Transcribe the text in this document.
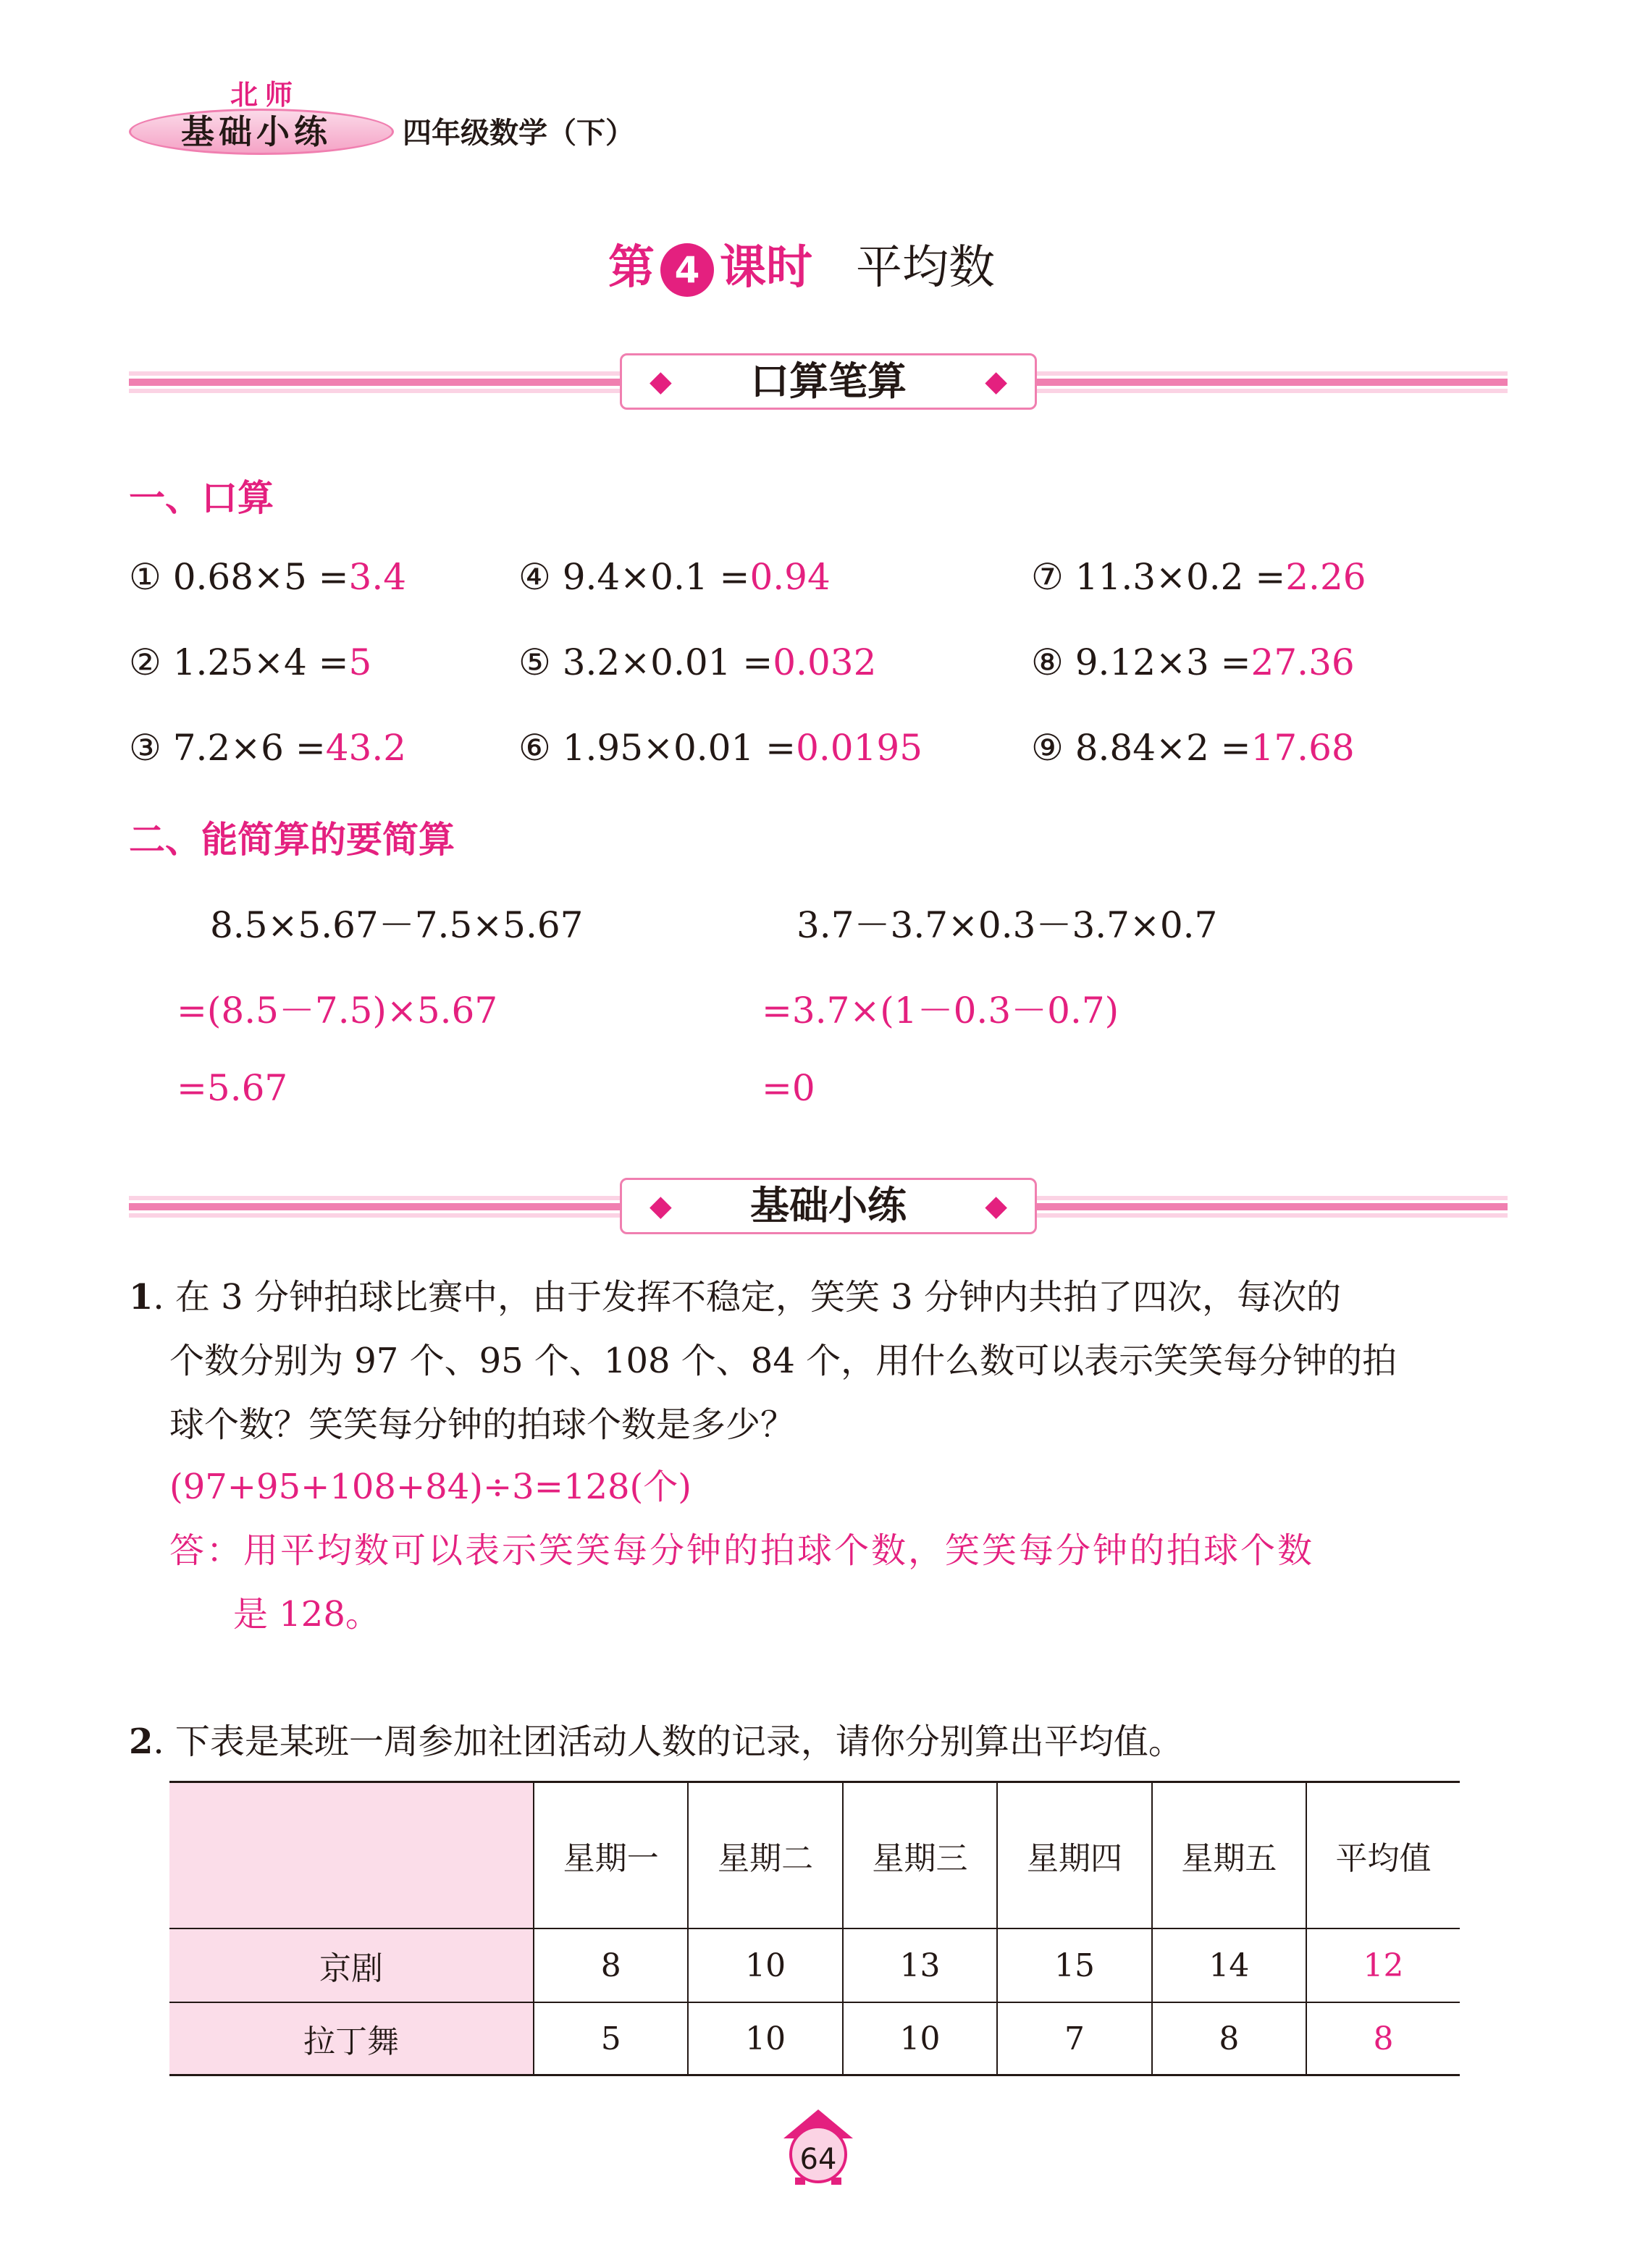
北师
基础小练 四年级数学（下）
第 4 课时 平均数
◆ 口算笔算	◆
一、口算
① 0.68×5 =3.4	④ 9.4×0.1 =0.94	⑦ 11.3×0.2 =2.26
② 1.25×4 =5	⑤ 3.2×0.01 =0.032	⑧ 9.12×3 =27.36
③ 7.2×6 =43.2	⑥ 1.95×0.01 =0.0195	⑨ 8.84×2 =17.68
二、能简算的要简算
8.5×5.67－7.5×5.67
=(8.5－7.5)×5.67
=5.67
3.7－3.7×0.3－3.7×0.7
=3.7×(1－0.3－0.7)
=0
◆ 基础小练	◆
1. 在 3 分钟拍球比赛中，由于发挥不稳定，笑笑 3 分钟内共拍了四次，每次的
个数分别为 97 个、95 个、108 个、84 个，用什么数可以表示笑笑每分钟的拍
球个数？笑笑每分钟的拍球个数是多少？
(97+95+108+84)÷3=128(个)
答：用平均数可以表示笑笑每分钟的拍球个数，笑笑每分钟的拍球个数
是 128。
2. 下表是某班一周参加社团活动人数的记录，请你分别算出平均值。
	星期一	星期二	星期三	星期四	星期五	平均值
京剧	8	10	13	15	14	12
拉丁舞	5	10	10	7	8	8
64
